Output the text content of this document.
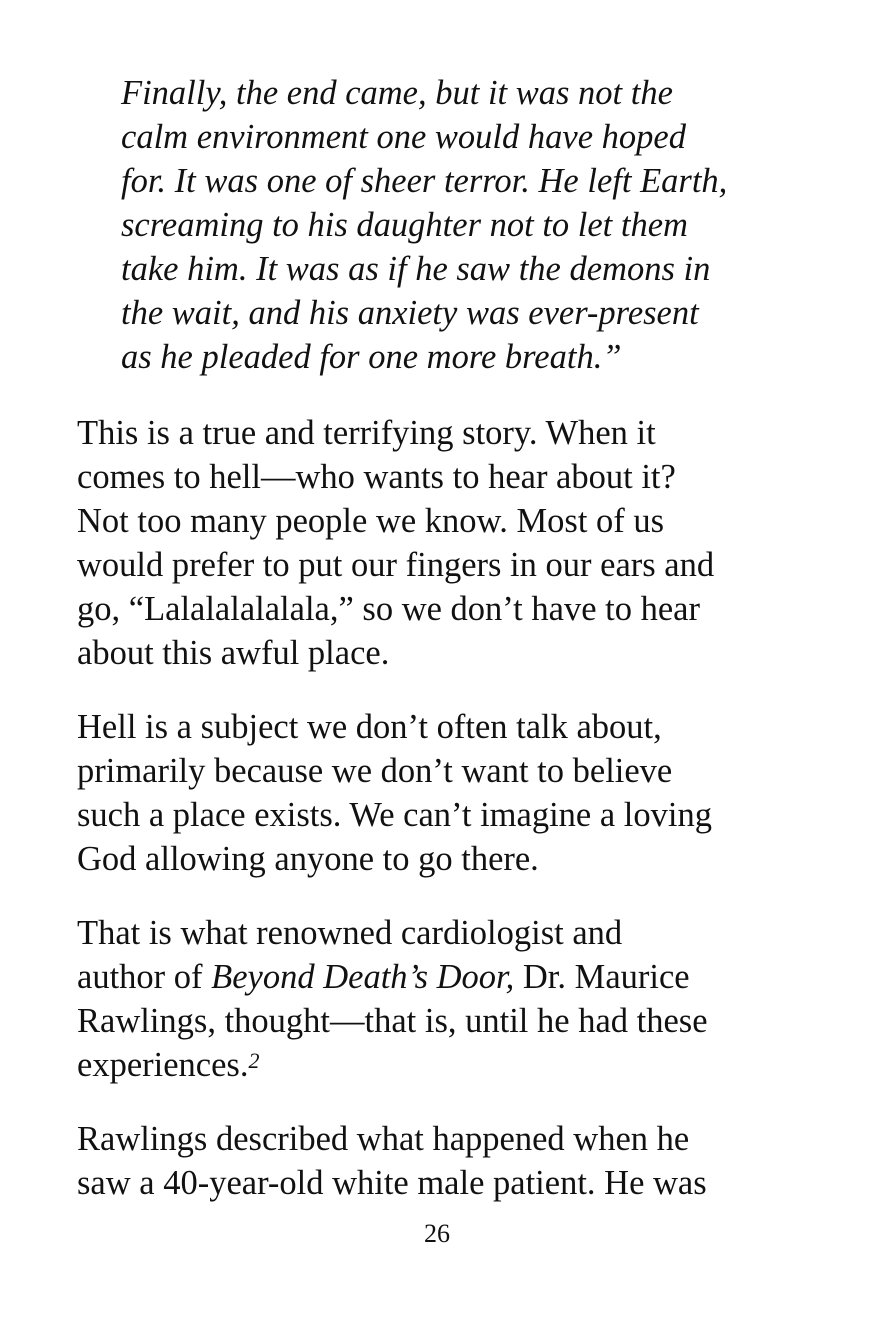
Finally, the end came, but it was not the
calm environment one would have hoped
for. It was one of sheer terror. He left Earth,
screaming to his daughter not to let them
take him. It was as if he saw the demons in
the wait, and his anxiety was ever-present
as he pleaded for one more breath.”
This is a true and terrifying story. When it
comes to hell—who wants to hear about it?
Not too many people we know. Most of us
would prefer to put our fingers in our ears and
go, “Lalalalalalala,” so we don’t have to hear
about this awful place.
Hell is a subject we don’t often talk about,
primarily because we don’t want to believe
such a place exists. We can’t imagine a loving
God allowing anyone to go there.
That is what renowned cardiologist and
author of Beyond Death’s Door, Dr. Maurice
Rawlings, thought—that is, until he had these
experiences.$^2$
Rawlings described what happened when he
saw a 40-year-old white male patient. He was
26
